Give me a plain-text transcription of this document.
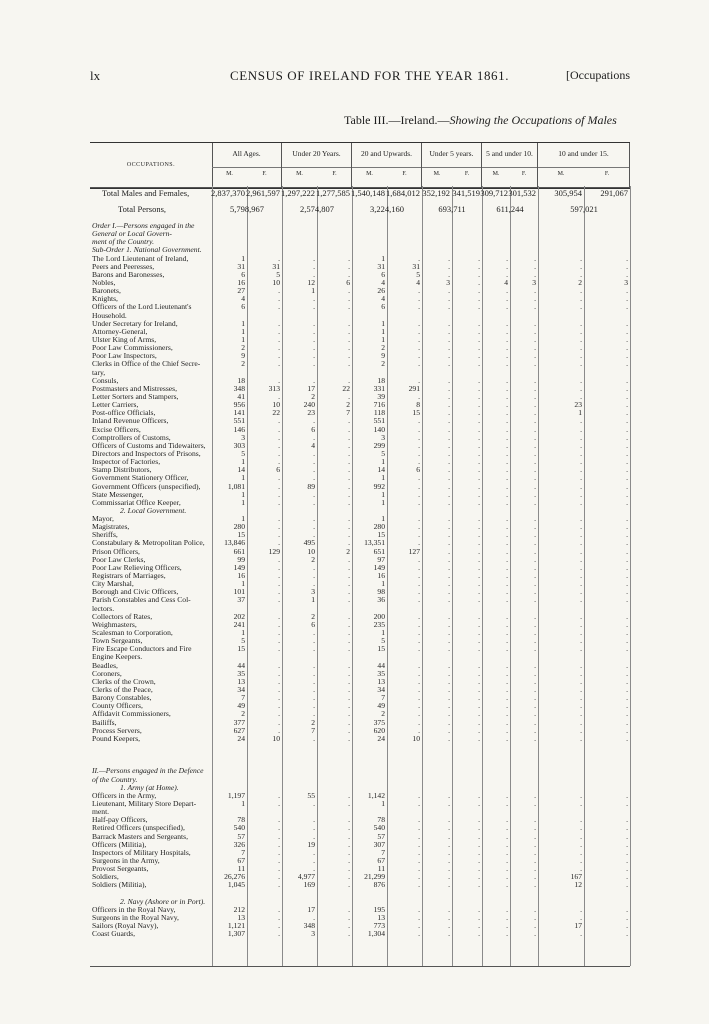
lx	CENSUS OF IRELAND FOR THE YEAR 1861.	[Occupations
Table III.—Ireland.—Showing the Occupations of Males
OCCUPATIONS.
All Ages.
M.	F.
Under 20 Years.
M.	F.
20 and Upwards.
M.	F.
Under 5 years.
M.	F.
5 and under 10.
M.	F.
10 and under 15.
M.	F.
Total Males and Females,	2,837,370 2,961,597 1,297,222 1,277,585 1,540,148 1,684,012 352,192 341,519 309,712 301,532 305,954 291,067
Total Persons,	5,798,967	2,574,807	3,224,160	693,711	611,244	597,021
Order I.—Persons engaged in the
General or Local Govern-
ment of the Country.
Sub-Order 1. National Government.
The Lord Lieutenant of Ireland,	1	.	.	.	1	.	.	.	.	.	.	.
Peers and Peeresses,	31	31	.	.	31	31	.	.	.	.	.	.
Barons and Baronesses,	6	5	.	.	6	5	.	.	.	.	.	.
Nobles,	16	10	12	6	4	4	3	.	4	3	2	3
Baronets,	27	.	1	.	26	.	.	.	.	.	.	.
Knights,	4	.	.	.	4	.	.	.	.	.	.	.
Officers of the Lord Lieutenant's	6	.	.	.	6	.	.	.	.	.	.	.
Household.
Under Secretary for Ireland,	1	.	.	.	1	.	.	.	.	.	.	.
Attorney-General,	1	.	.	.	1	.	.	.	.	.	.	.
Ulster King of Arms,	1	.	.	.	1	.	.	.	.	.	.	.
Poor Law Commissioners,	2	.	.	.	2	.	.	.	.	.	.	.
Poor Law Inspectors,	9	.	.	.	9	.	.	.	.	.	.	.
Clerks in Office of the Chief Secre-	2	.	.	.	2	.	.	.	.	.	.	.
tary,
Consuls,	18	.	.	.	18	.	.	.	.	.	.	.
Postmasters and Mistresses,	348	313	17	22	331	291	.	.	.	.	.	.
Letter Sorters and Stampers,	41	.	2	.	39	.	.	.	.	.	.	.
Letter Carriers,	956	10	240	2	716	8	.	.	.	.	23	.
Post-office Officials,	141	22	23	7	118	15	.	.	.	.	1	.
Inland Revenue Officers,	551	.	.	.	551	.	.	.	.	.	.	.
Excise Officers,	146	.	6	.	140	.	.	.	.	.	.	.
Comptrollers of Customs,	3	.	.	.	3	.	.	.	.	.	.	.
Officers of Customs and Tidewaiters,	303	.	4	.	299	.	.	.	.	.	.	.
Directors and Inspectors of Prisons,	5	.	.	.	5	.	.	.	.	.	.	.
Inspector of Factories,	1	.	.	.	1	.	.	.	.	.	.	.
Stamp Distributors,	14	6	.	.	14	6	.	.	.	.	.	.
Government Stationery Officer,	1	.	.	.	1	.	.	.	.	.	.	.
Government Officers (unspecified),	1,081	.	89	.	992	.	.	.	.	.	.	.
State Messenger,	1	.	.	.	1	.	.	.	.	.	.	.
Commissariat Office Keeper,	1	.	.	.	1	.	.	.	.	.	.	.
2. Local Government.
Mayor,	1	.	.	.	1	.	.	.	.	.	.	.
Magistrates,	280	.	.	.	280	.	.	.	.	.	.	.
Sheriffs,	15	.	.	.	15	.	.	.	.	.	.	.
Constabulary & Metropolitan Police,	13,846	.	495	.	13,351	.	.	.	.	.	.	.
Prison Officers,	661	129	10	2	651	127	.	.	.	.	.	.
Poor Law Clerks,	99	.	2	.	97	.	.	.	.	.	.	.
Poor Law Relieving Officers,	149	.	.	.	149	.	.	.	.	.	.	.
Registrars of Marriages,	16	.	.	.	16	.	.	.	.	.	.	.
City Marshal,	1	.	.	.	1	.	.	.	.	.	.	.
Borough and Civic Officers,	101	.	3	.	98	.	.	.	.	.	.	.
Parish Constables and Cess Col-	37	.	1	.	36	.	.	.	.	.	.	.
lectors.
Collectors of Rates,	202	.	2	.	200	.	.	.	.	.	.	.
Weighmasters,	241	.	6	.	235	.	.	.	.	.	.	.
Scalesman to Corporation,	1	.	.	.	1	.	.	.	.	.	.	.
Town Sergeants,	5	.	.	.	5	.	.	.	.	.	.	.
Fire Escape Conductors and Fire	15	.	.	.	15	.	.	.	.	.	.	.
Engine Keepers.
Beadles,	44	.	.	.	44	.	.	.	.	.	.	.
Coroners,	35	.	.	.	35	.	.	.	.	.	.	.
Clerks of the Crown,	13	.	.	.	13	.	.	.	.	.	.	.
Clerks of the Peace,	34	.	.	.	34	.	.	.	.	.	.	.
Barony Constables,	7	.	.	.	7	.	.	.	.	.	.	.
County Officers,	49	.	.	.	49	.	.	.	.	.	.	.
Affidavit Commissioners,	2	.	.	.	2	.	.	.	.	.	.	.
Bailiffs,	377	.	2	.	375	.	.	.	.	.	.	.
Process Servers,	627	.	7	.	620	.	.	.	.	.	.	.
Pound Keepers,	24	10	.	.	24	10	.	.	.	.	.	.
II.—Persons engaged in the Defence
of the Country.
1. Army (at Home).
Officers in the Army,	1,197	.	55	.	1,142	.	.	.	.	.	.	.
Lieutenant, Military Store Depart-	1	.	.	.	1	.	.	.	.	.	.	.
ment.
Half-pay Officers,	78	.	.	.	78	.	.	.	.	.	.	.
Retired Officers (unspecified),	540	.	.	.	540	.	.	.	.	.	.	.
Barrack Masters and Sergeants,	57	.	.	.	57	.	.	.	.	.	.	.
Officers (Militia),	326	.	19	.	307	.	.	.	.	.	.	.
Inspectors of Military Hospitals,	7	.	.	.	7	.	.	.	.	.	.	.
Surgeons in the Army,	67	.	.	.	67	.	.	.	.	.	.	.
Provost Sergeants,	11	.	.	.	11	.	.	.	.	.	.	.
Soldiers,	26,276	.	4,977	.	21,299	.	.	.	.	.	167	.
Soldiers (Militia),	1,045	.	169	.	876	.	.	.	.	.	12	.
2. Navy (Ashore or in Port).
Officers in the Royal Navy,	212	.	17	.	195	.	.	.	.	.	.	.
Surgeons in the Royal Navy,	13	.	.	.	13	.	.	.	.	.	.	.
Sailors (Royal Navy),	1,121	.	348	.	773	.	.	.	.	.	17	.
Coast Guards,	1,307	.	3	.	1,304	.	.	.	.	.	.	.
